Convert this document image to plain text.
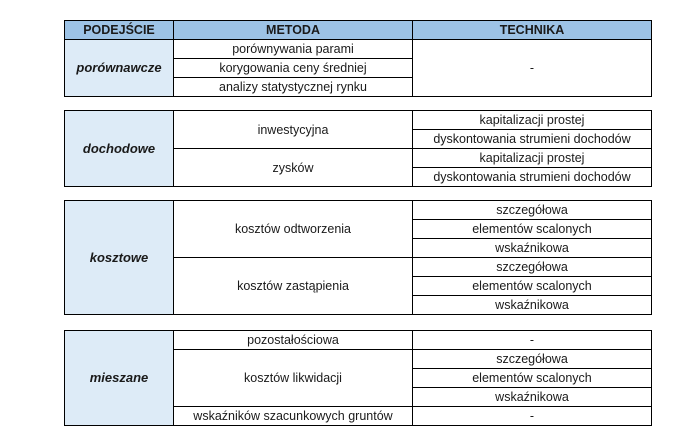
PODEJŚCIE	METODA	TECHNIKA
porównawcze	porównywania parami	-
	korygowania ceny średniej	
	analizy statystycznej rynku	
dochodowe	inwestycyjna	kapitalizacji prostej
		dyskontowania strumieni dochodów
	zysków	kapitalizacji prostej
		dyskontowania strumieni dochodów
kosztowe	kosztów odtworzenia	szczegółowa
		elementów scalonych
		wskaźnikowa
	kosztów zastąpienia	szczegółowa
		elementów scalonych
		wskaźnikowa
mieszane	pozostałościowa	-
	kosztów likwidacji	szczegółowa
		elementów scalonych
		wskaźnikowa
	wskaźników szacunkowych gruntów	-
